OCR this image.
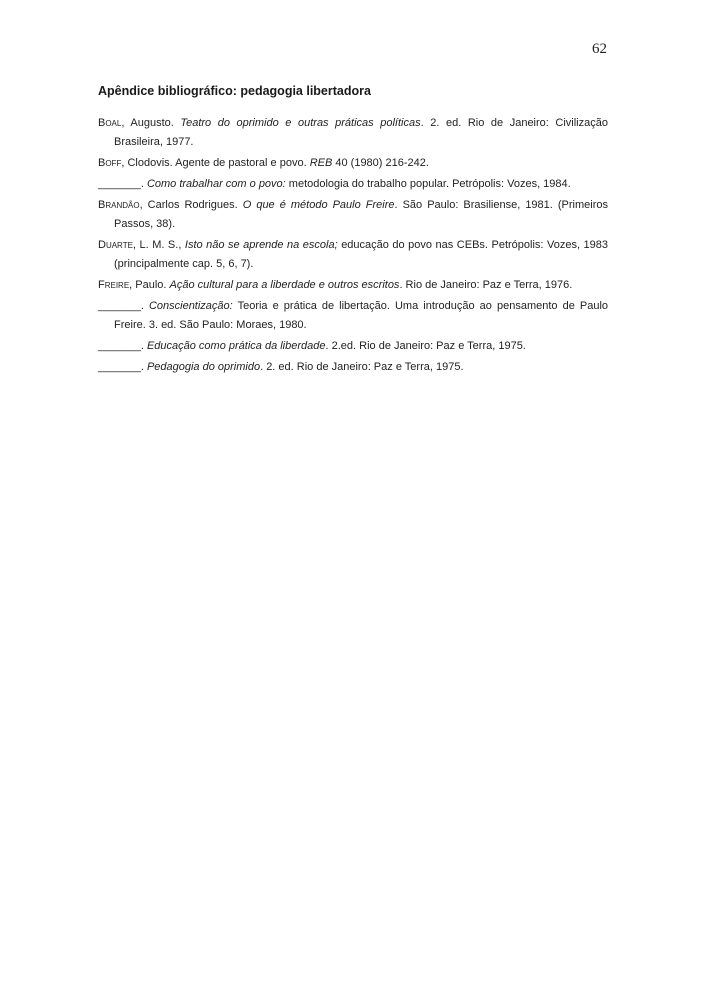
62
Apêndice bibliográfico: pedagogia libertadora

Boal, Augusto. Teatro do oprimido e outras práticas políticas. 2. ed. Rio de Janeiro: Civilização Brasileira, 1977.

Boff, Clodovis. Agente de pastoral e povo. REB 40 (1980) 216-242.

_______. Como trabalhar com o povo: metodologia do trabalho popular. Petrópolis: Vozes, 1984.

Brandão, Carlos Rodrigues. O que é método Paulo Freire. São Paulo: Brasiliense, 1981. (Primeiros Passos, 38).

Duarte, L. M. S., Isto não se aprende na escola; educação do povo nas CEBs. Petrópolis: Vozes, 1983 (principalmente cap. 5, 6, 7).

Freire, Paulo. Ação cultural para a liberdade e outros escritos. Rio de Janeiro: Paz e Terra, 1976.

_______. Conscientização: Teoria e prática de libertação. Uma introdução ao pensamento de Paulo Freire. 3. ed. São Paulo: Moraes, 1980.

_______. Educação como prática da liberdade. 2.ed. Rio de Janeiro: Paz e Terra, 1975.

_______. Pedagogia do oprimido. 2. ed. Rio de Janeiro: Paz e Terra, 1975.
